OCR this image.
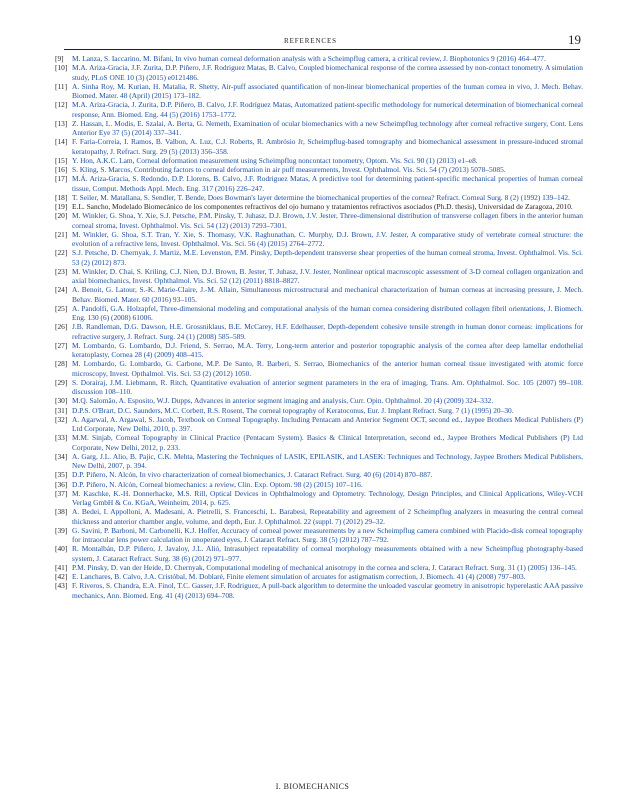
REFERENCES	19
[9] M. Lanza, S. Iaccarino, M. Bifani, In vivo human corneal deformation analysis with a Scheimpflug camera, a critical review, J. Biophotonics 9 (2016) 464–477.
[10] M.A. Ariza-Gracia, J.F. Zurita, D.P. Piñero, J.F. Rodriguez Matas, B. Calvo, Coupled biomechanical response of the cornea assessed by non-contact tonometry. A simulation study, PLoS ONE 10 (3) (2015) e0121486.
[11] A. Sinha Roy, M. Kurian, H. Matalia, R. Shetty, Air-puff associated quantification of non-linear biomechanical properties of the human cornea in vivo, J. Mech. Behav. Biomed. Mater. 48 (April) (2015) 173–182.
[12] M.A. Ariza-Gracia, J. Zurita, D.P. Piñero, B. Calvo, J.F. Rodríguez Matas, Automatized patient-specific methodology for numerical determination of biomechanical corneal response, Ann. Biomed. Eng. 44 (5) (2016) 1753–1772.
[13] Z. Hassan, L. Modis, E. Szalai, A. Berta, G. Nemeth, Examination of ocular biomechanics with a new Scheimpflug technology after corneal refractive surgery, Cont. Lens Anterior Eye 37 (5) (2014) 337–341.
[14] F. Faria-Correia, I. Ramos, B. Valbon, A. Luz, C.J. Roberts, R. Ambrósio Jr, Scheimpflug-based tomography and biomechanical assessment in pressure-induced stromal keratopathy, J. Refract. Surg. 29 (5) (2013) 356–358.
[15] Y. Hon, A.K.C. Lam, Corneal deformation measurement using Scheimpflug noncontact tonometry, Optom. Vis. Sci. 90 (1) (2013) e1–e8.
[16] S. Kling, S. Marcos, Contributing factors to corneal deformation in air puff measurements, Invest. Ophthalmol. Vis. Sci. 54 (7) (2013) 5078–5085.
[17] M.Á. Ariza-Gracia, S. Redondo, D.P. Llorens, B. Calvo, J.F. Rodriguez Matas, A predictive tool for determining patient-specific mechanical properties of human corneal tissue, Comput. Methods Appl. Mech. Eng. 317 (2016) 226–247.
[18] T. Seiler, M. Matallana, S. Sendler, T. Bende, Does Bowman's layer determine the biomechanical properties of the cornea? Refract. Corneal Surg. 8 (2) (1992) 139–142.
[19] E.L. Sancho, Modelado Biomecánico de los componentes refractivos del ojo humano y tratamientos refractivos asociados (Ph.D. thesis), Universidad de Zaragoza, 2010.
[20] M. Winkler, G. Shoa, Y. Xie, S.J. Petsche, P.M. Pinsky, T. Juhasz, D.J. Brown, J.V. Jester, Three-dimensional distribution of transverse collagen fibers in the anterior human corneal stroma, Invest. Ophthalmol. Vis. Sci. 54 (12) (2013) 7293–7301.
[21] M. Winkler, G. Shoa, S.T. Tran, Y. Xie, S. Thomasy, V.K. Raghunathan, C. Murphy, D.J. Brown, J.V. Jester, A comparative study of vertebrate corneal structure: the evolution of a refractive lens, Invest. Ophthalmol. Vis. Sci. 56 (4) (2015) 2764–2772.
[22] S.J. Petsche, D. Chernyak, J. Martiz, M.E. Levenston, P.M. Pinsky, Depth-dependent transverse shear properties of the human corneal stroma, Invest. Ophthalmol. Vis. Sci. 53 (2) (2012) 873.
[23] M. Winkler, D. Chai, S. Kriling, C.J. Nien, D.J. Brown, B. Jester, T. Juhasz, J.V. Jester, Nonlinear optical macroscopic assessment of 3-D corneal collagen organization and axial biomechanics, Invest. Ophthalmol. Vis. Sci. 52 (12) (2011) 8818–8827.
[24] A. Benoit, G. Latour, S.-K. Marie-Claire, J.-M. Allain, Simultaneous microstructural and mechanical characterization of human corneas at increasing pressure, J. Mech. Behav. Biomed. Mater. 60 (2016) 93–105.
[25] A. Pandolfi, G.A. Holzapfel, Three-dimensional modeling and computational analysis of the human cornea considering distributed collagen fibril orientations, J. Biomech. Eng. 130 (6) (2008) 61006.
[26] J.B. Randleman, D.G. Dawson, H.E. Grossniklaus, B.E. McCarey, H.F. Edelhauser, Depth-dependent cohesive tensile strength in human donor corneas: implications for refractive surgery, J. Refract. Surg. 24 (1) (2008) 585–589.
[27] M. Lombardo, G. Lombardo, D.J. Friend, S. Serrao, M.A. Terry, Long-term anterior and posterior topographic analysis of the cornea after deep lamellar endothelial keratoplasty, Cornea 28 (4) (2009) 408–415.
[28] M. Lombardo, G. Lombardo, G. Carbone, M.P. De Santo, R. Barberi, S. Serrao, Biomechanics of the anterior human corneal tissue investigated with atomic force microscopy, Invest. Opthalmol. Vis. Sci. 53 (2) (2012) 1050.
[29] S. Dorairaj, J.M. Liebmann, R. Ritch, Quantitative evaluation of anterior segment parameters in the era of imaging, Trans. Am. Ophthalmol. Soc. 105 (2007) 99–108. discussion 108–110.
[30] M.Q. Salomão, A. Esposito, W.J. Dupps, Advances in anterior segment imaging and analysis, Curr. Opin. Ophthalmol. 20 (4) (2009) 324–332.
[31] D.P.S. O'Brart, D.C. Saunders, M.C. Corbett, R.S. Rosent, The corneal topography of Keratoconus, Eur. J. Implant Refract. Surg. 7 (1) (1995) 20–30.
[32] A. Agarwal, A. Argawal, S. Jacob, Textbook on Corneal Topography. Including Pentacam and Anterior Segment OCT, second ed., Jaypee Brothers Medical Publishers (P) Ltd Corporate, New Delhi, 2010, p. 397.
[33] M.M. Sinjab, Corneal Topography in Clinical Practice (Pentacam System). Basics & Clinical Interpretation, second ed., Jaypee Brothers Medical Publishers (P) Ltd Corporate, New Delhi, 2012, p. 233.
[34] A. Garg, J.L. Alio, B. Pajic, C.K. Mehta, Mastering the Techniques of LASIK, EPILASIK, and LASEK: Techniques and Technology, Jaypee Brothers Medical Publishers, New Delhi, 2007, p. 394.
[35] D.P. Piñero, N. Alcón, In vivo characterization of corneal biomechanics, J. Cataract Refract. Surg. 40 (6) (2014) 870–887.
[36] D.P. Piñero, N. Alcón, Corneal biomechanics: a review, Clin. Exp. Optom. 98 (2) (2015) 107–116.
[37] M. Kaschke, K.-H. Donnerhacke, M.S. Rill, Optical Devices in Ophthalmology and Optometry. Technology, Design Principles, and Clinical Applications, Wiley-VCH Verlag GmbH & Co. KGaA, Weinheim, 2014, p. 625.
[38] A. Bedei, I. Appolloni, A. Madesani, A. Pietrelli, S. Franceschi, L. Barabesi, Repeatability and agreement of 2 Scheimpflug analyzers in measuring the central corneal thickness and anterior chamber angle, volume, and depth, Eur. J. Ophthalmol. 22 (suppl. 7) (2012) 29–32.
[39] G. Savini, P. Barboni, M. Carbonelli, K.J. Hoffer, Accuracy of corneal power measurements by a new Scheimpflug camera combined with Placido-disk corneal topography for intraocular lens power calculation in unoperated eyes, J. Cataract Refract. Surg. 38 (5) (2012) 787–792.
[40] R. Montalbán, D.P. Piñero, J. Javaloy, J.L. Alió, Intrasubject repeatability of corneal morphology measurements obtained with a new Scheimpflug photography-based system, J. Cataract Refract. Surg. 38 (6) (2012) 971–977.
[41] P.M. Pinsky, D. van der Heide, D. Chernyak, Computational modeling of mechanical anisotropy in the cornea and sclera, J. Cataract Refract. Surg. 31 (1) (2005) 136–145.
[42] E. Lanchares, B. Calvo, J.A. Cristóbal, M. Doblaré, Finite element simulation of arcuates for astigmatism correction, J. Biomech. 41 (4) (2008) 797–803.
[43] F. Riveros, S. Chandra, E.A. Finol, T.C. Gasser, J.F. Rodriguez, A pull-back algorithm to determine the unloaded vascular geometry in anisotropic hyperelastic AAA passive mechanics, Ann. Biomed. Eng. 41 (4) (2013) 694–708.
I. BIOMECHANICS
